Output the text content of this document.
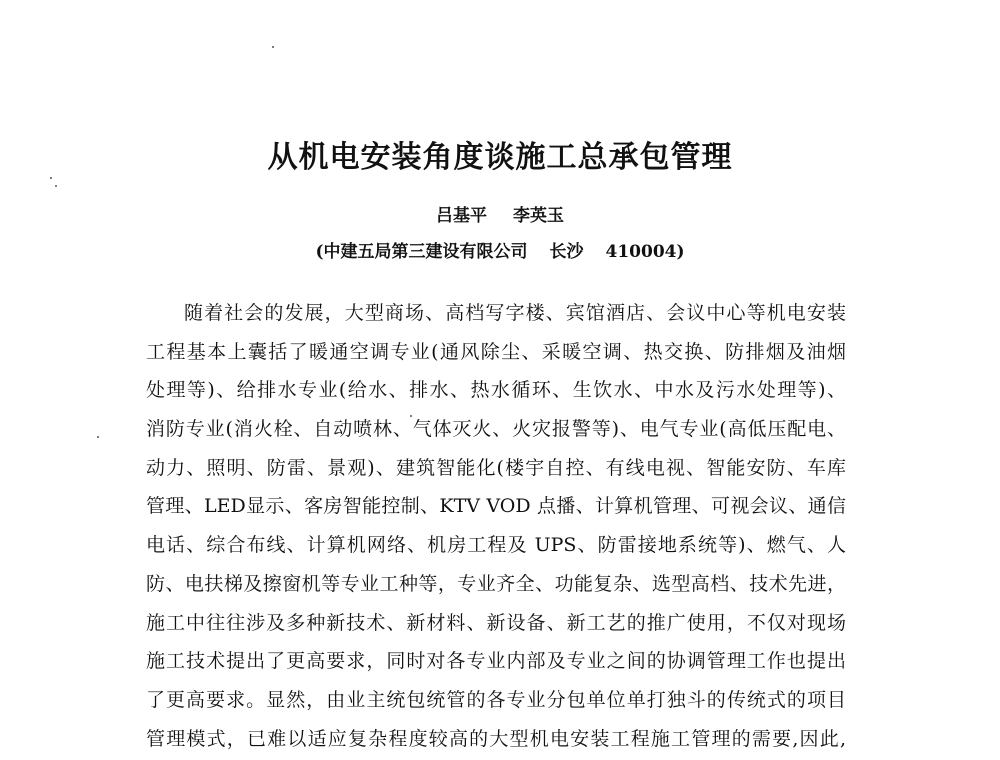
从机电安装角度谈施工总承包管理
吕基平 李英玉
(中建五局第三建设有限公司 长沙 410004)
随着社会的发展，大型商场、高档写字楼、宾馆酒店、会议中心等机电安装
工程基本上囊括了暖通空调专业(通风除尘、采暖空调、热交换、防排烟及油烟
处理等)、给排水专业(给水、排水、热水循环、生饮水、中水及污水处理等)、
消防专业(消火栓、自动喷林、气体灭火、火灾报警等)、电气专业(高低压配电、
动力、照明、防雷、景观)、建筑智能化(楼宇自控、有线电视、智能安防、车库
管理、LED显示、客房智能控制、KTV VOD 点播、计算机管理、可视会议、通信
电话、综合布线、计算机网络、机房工程及 UPS、防雷接地系统等)、燃气、人
防、电扶梯及擦窗机等专业工种等，专业齐全、功能复杂、选型高档、技术先进，
施工中往往涉及多种新技术、新材料、新设备、新工艺的推广使用，不仅对现场
施工技术提出了更高要求，同时对各专业内部及专业之间的协调管理工作也提出
了更高要求。显然，由业主统包统管的各专业分包单位单打独斗的传统式的项目
管理模式，已难以适应复杂程度较高的大型机电安装工程施工管理的需要,因此,
